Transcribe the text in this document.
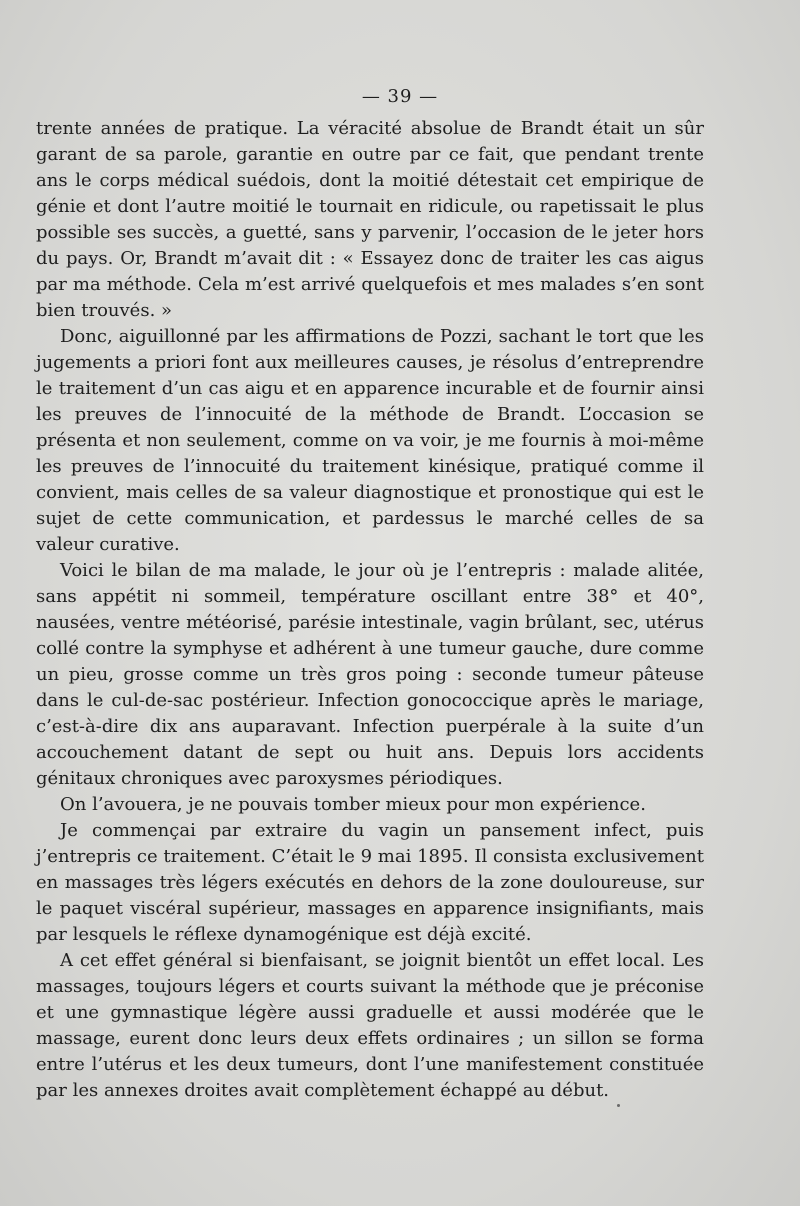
— 39 —

trente années de pratique. La véracité absolue de Brandt était un sûr garant de sa parole, garantie en outre par ce fait, que pendant trente ans le corps médical suédois, dont la moitié détestait cet empirique de génie et dont l’autre moitié le tournait en ridicule, ou rapetissait le plus possible ses succès, a guetté, sans y parvenir, l’occasion de le jeter hors du pays. Or, Brandt m’avait dit : « Essayez donc de traiter les cas aigus par ma méthode. Cela m’est arrivé quelquefois et mes malades s’en sont bien trouvés. »

Donc, aiguillonné par les affirmations de Pozzi, sachant le tort que les jugements a priori font aux meilleures causes, je résolus d’entreprendre le traitement d’un cas aigu et en apparence incurable et de fournir ainsi les preuves de l’innocuité de la méthode de Brandt. L’occasion se présenta et non seulement, comme on va voir, je me fournis à moi-même les preuves de l’innocuité du traitement kinésique, pratiqué comme il convient, mais celles de sa valeur diagnostique et pronostique qui est le sujet de cette communication, et pardessus le marché celles de sa valeur curative.

Voici le bilan de ma malade, le jour où je l’entrepris : malade alitée, sans appétit ni sommeil, température oscillant entre 38° et 40°, nausées, ventre météorisé, parésie intestinale, vagin brûlant, sec, utérus collé contre la symphyse et adhérent à une tumeur gauche, dure comme un pieu, grosse comme un très gros poing : seconde tumeur pâteuse dans le cul-de-sac postérieur. Infection gonococcique après le mariage, c’est-à-dire dix ans auparavant. Infection puerpérale à la suite d’un accouchement datant de sept ou huit ans. Depuis lors accidents génitaux chroniques avec paroxysmes périodiques.

On l’avouera, je ne pouvais tomber mieux pour mon expérience.

Je commençai par extraire du vagin un pansement infect, puis j’entrepris ce traitement. C’était le 9 mai 1895. Il consista exclusivement en massages très légers exécutés en dehors de la zone douloureuse, sur le paquet viscéral supérieur, massages en apparence insignifiants, mais par lesquels le réflexe dynamogénique est déjà excité.

A cet effet général si bienfaisant, se joignit bientôt un effet local. Les massages, toujours légers et courts suivant la méthode que je préconise et une gymnastique légère aussi graduelle et aussi modérée que le massage, eurent donc leurs deux effets ordinaires ; un sillon se forma entre l’utérus et les deux tumeurs, dont l’une manifestement constituée par les annexes droites avait complètement échappé au début.
